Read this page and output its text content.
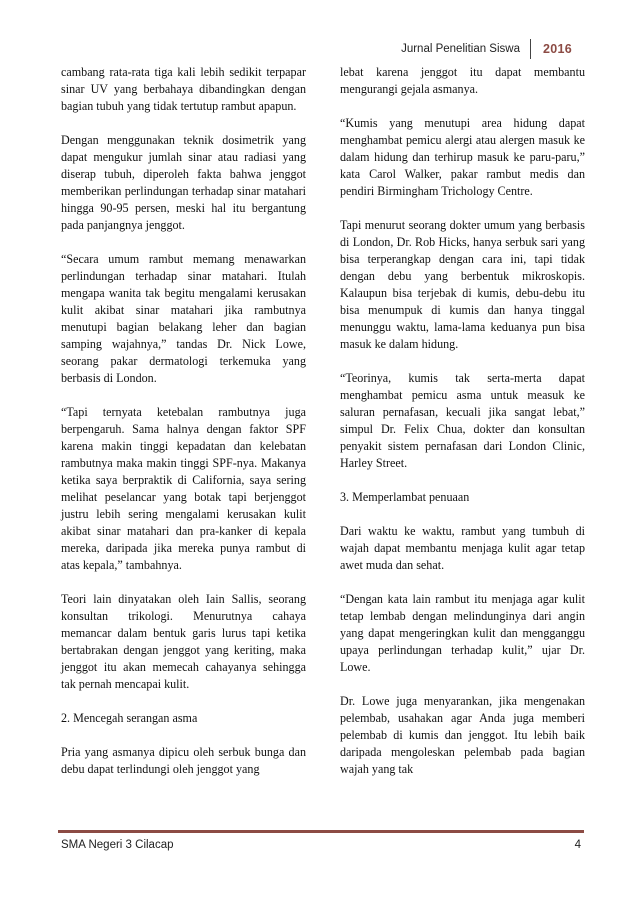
Jurnal Penelitian Siswa	2016

cambang rata-rata tiga kali lebih sedikit terpapar sinar UV yang berbahaya dibandingkan dengan bagian tubuh yang tidak tertutup rambut apapun.

Dengan menggunakan teknik dosimetrik yang dapat mengukur jumlah sinar atau radiasi yang diserap tubuh, diperoleh fakta bahwa jenggot memberikan perlindungan terhadap sinar matahari hingga 90-95 persen, meski hal itu bergantung pada panjangnya jenggot.

“Secara umum rambut memang menawarkan perlindungan terhadap sinar matahari. Itulah mengapa wanita tak begitu mengalami kerusakan kulit akibat sinar matahari jika rambutnya menutupi bagian belakang leher dan bagian samping wajahnya,” tandas Dr. Nick Lowe, seorang pakar dermatologi terkemuka yang berbasis di London.

“Tapi ternyata ketebalan rambutnya juga berpengaruh. Sama halnya dengan faktor SPF karena makin tinggi kepadatan dan kelebatan rambutnya maka makin tinggi SPF-nya. Makanya ketika saya berpraktik di California, saya sering melihat peselancar yang botak tapi berjenggot justru lebih sering mengalami kerusakan kulit akibat sinar matahari dan pra-kanker di kepala mereka, daripada jika mereka punya rambut di atas kepala,” tambahnya.

Teori lain dinyatakan oleh Iain Sallis, seorang konsultan trikologi. Menurutnya cahaya memancar dalam bentuk garis lurus tapi ketika bertabrakan dengan jenggot yang keriting, maka jenggot itu akan memecah cahayanya sehingga tak pernah mencapai kulit.

2. Mencegah serangan asma

Pria yang asmanya dipicu oleh serbuk bunga dan debu dapat terlindungi oleh jenggot yang

lebat karena jenggot itu dapat membantu mengurangi gejala asmanya.

“Kumis yang menutupi area hidung dapat menghambat pemicu alergi atau alergen masuk ke dalam hidung dan terhirup masuk ke paru-paru,” kata Carol Walker, pakar rambut medis dan pendiri Birmingham Trichology Centre.

Tapi menurut seorang dokter umum yang berbasis di London, Dr. Rob Hicks, hanya serbuk sari yang bisa terperangkap dengan cara ini, tapi tidak dengan debu yang berbentuk mikroskopis. Kalaupun bisa terjebak di kumis, debu-debu itu bisa menumpuk di kumis dan hanya tinggal menunggu waktu, lama-lama keduanya pun bisa masuk ke dalam hidung.

“Teorinya, kumis tak serta-merta dapat menghambat pemicu asma untuk measuk ke saluran pernafasan, kecuali jika sangat lebat,” simpul Dr. Felix Chua, dokter dan konsultan penyakit sistem pernafasan dari London Clinic, Harley Street.

3. Memperlambat penuaan

Dari waktu ke waktu, rambut yang tumbuh di wajah dapat membantu menjaga kulit agar tetap awet muda dan sehat.

“Dengan kata lain rambut itu menjaga agar kulit tetap lembab dengan melindunginya dari angin yang dapat mengeringkan kulit dan mengganggu upaya perlindungan terhadap kulit,” ujar Dr. Lowe.

Dr. Lowe juga menyarankan, jika mengenakan pelembab, usahakan agar Anda juga memberi pelembab di kumis dan jenggot. Itu lebih baik daripada mengoleskan pelembab pada bagian wajah yang tak

SMA Negeri 3 Cilacap	4
